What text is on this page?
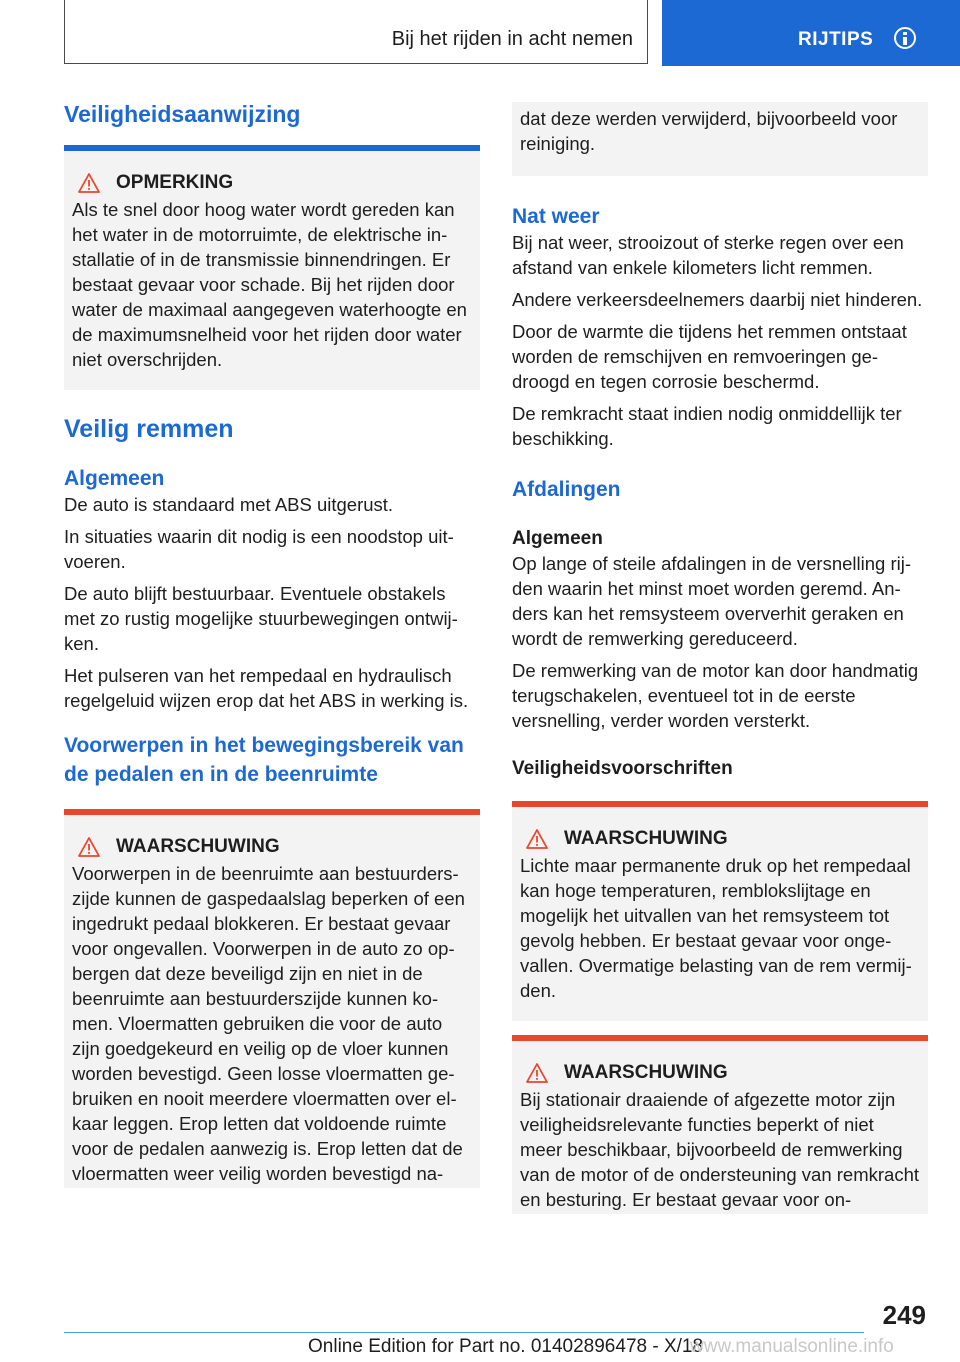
Bij het rijden in acht nemen	RIJTIPS
Veiligheidsaanwijzing
OPMERKING

Als te snel door hoog water wordt gereden kan het water in de motorruimte, de elektrische installatie of in de transmissie binnendringen. Er bestaat gevaar voor schade. Bij het rijden door water de maximaal aangegeven waterhoogte en de maximumsnelheid voor het rijden door water niet overschrijden.

Veilig remmen
Algemeen

De auto is standaard met ABS uitgerust.

In situaties waarin dit nodig is een noodstop uitvoeren.

De auto blijft bestuurbaar. Eventuele obstakels met zo rustig mogelijke stuurbewegingen ontwijken.

Het pulseren van het rempedaal en hydraulisch regelgeluid wijzen erop dat het ABS in werking is.

Voorwerpen in het bewegingsbereik van de pedalen en in de beenruimte
WAARSCHUWING

Voorwerpen in de beenruimte aan bestuurderszijde kunnen de gaspedaalslag beperken of een ingedrukt pedaal blokkeren. Er bestaat gevaar voor ongevallen. Voorwerpen in de auto zo opbergen dat deze beveiligd zijn en niet in de beenruimte aan bestuurderszijde kunnen komen. Vloermatten gebruiken die voor de auto zijn goedgekeurd en veilig op de vloer kunnen worden bevestigd. Geen losse vloermatten gebruiken en nooit meerdere vloermatten over elkaar leggen. Erop letten dat voldoende ruimte voor de pedalen aanwezig is. Erop letten dat de vloermatten weer veilig worden bevestigd na-

dat deze werden verwijderd, bijvoorbeeld voor reiniging.

Nat weer

Bij nat weer, strooizout of sterke regen over een afstand van enkele kilometers licht remmen.

Andere verkeersdeelnemers daarbij niet hinderen.

Door de warmte die tijdens het remmen ontstaat worden de remschijven en remvoeringen gedroogd en tegen corrosie beschermd.

De remkracht staat indien nodig onmiddellijk ter beschikking.

Afdalingen
Algemeen

Op lange of steile afdalingen in de versnelling rijden waarin het minst moet worden geremd. Anders kan het remsysteem oververhit geraken en wordt de remwerking gereduceerd.

De remwerking van de motor kan door handmatig terugschakelen, eventueel tot in de eerste versnelling, verder worden versterkt.

Veiligheidsvoorschriften
WAARSCHUWING

Lichte maar permanente druk op het rempedaal kan hoge temperaturen, remblokslijtage en mogelijk het uitvallen van het remsysteem tot gevolg hebben. Er bestaat gevaar voor ongevallen. Overmatige belasting van de rem vermijden.

WAARSCHUWING

Bij stationair draaiende of afgezette motor zijn veiligheidsrelevante functies beperkt of niet meer beschikbaar, bijvoorbeeld de remwerking van de motor of de ondersteuning van remkracht en besturing. Er bestaat gevaar voor on-

249
Online Edition for Part no. 01402896478 - X/18
www.manualsonline.info
